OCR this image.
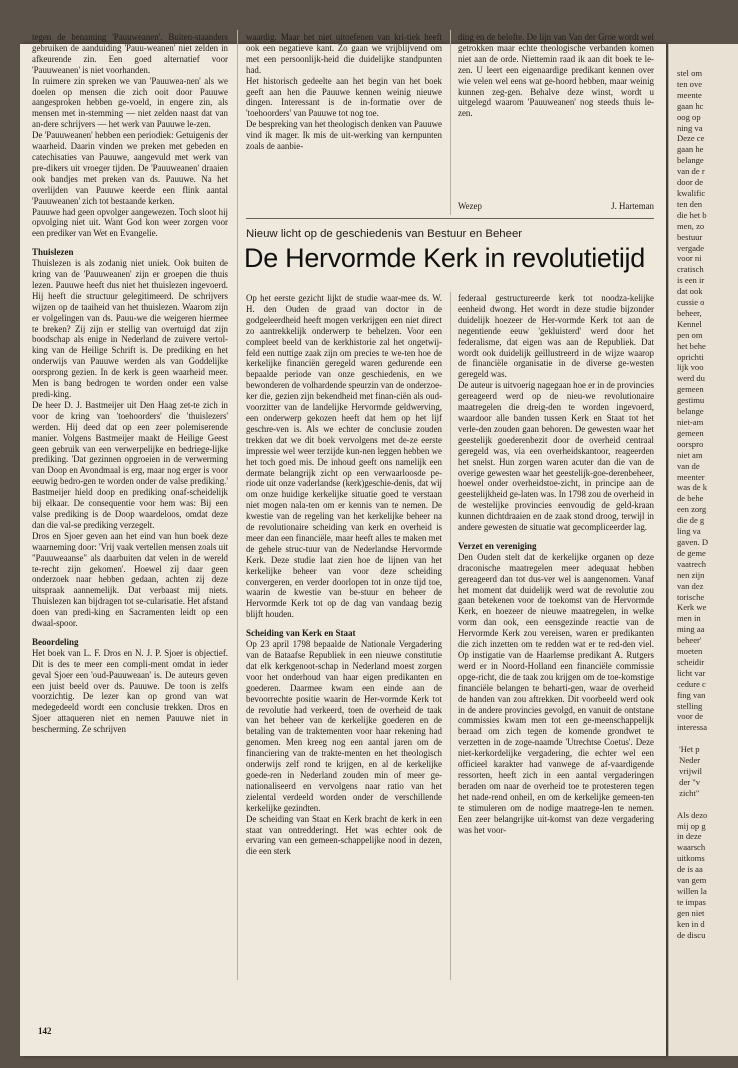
stel om
ten ove
meente
gaan hc
oog op
ning va
Deze ce
gaan he
belange
van de r
door de
kwalific
ten den
die het b
men, zo
bestuur
vergade
voor ni
cratisch
is een ir
dat ook
cussie o
beheer,
Kennel
pen om
het behe
oprichti
lijk voo
werd du
gemeen
gestimu
belange
niet-am
gemeen
oorspro
niet am
van de
meenter
was de k
de behe
een zorg
die de g
ling va
gaven. D
de geme
vaatrech
nen zijn
van dez
torische
Kerk we
men in
ming aa
beheer'
moeten
scheidir
licht var
cedure c
fing van
stelling
voor de
interessa

'Het p
Neder
vrijwil
der "v
zicht"

Als dezo
mij op g
in deze
waarsch
uitkoms
de is aa
van gem
willen la
te impas
gen niet
ken in d
de discu

tegen de benaming 'Pauuweanen'. Buiten-staanders gebruiken de aanduiding 'Pauu-weanen' niet zelden in afkeurende zin. Een goed alternatief voor 'Pauuweanen' is niet voorhanden.

In ruimere zin spreken we van 'Pauuwea-nen' als we doelen op mensen die zich ooit door Pauuwe aangesproken hebben ge-voeld, in engere zin, als mensen met in-stemming — niet zelden naast dat van an-dere schrijvers — het werk van Pauuwe le-zen.

De 'Pauuweanen' hebben een periodiek: Getuigenis der waarheid. Daarin vinden we preken met gebeden en catechisaties van Pauuwe, aangevuld met werk van pre-dikers uit vroeger tijden. De 'Pauuweanen' draaien ook bandjes met preken van ds. Pauuwe. Na het overlijden van Pauuwe keerde een flink aantal 'Pauuweanen' zich tot bestaande kerken.

Pauuwe had geen opvolger aangewezen. Toch sloot hij opvolging niet uit. Want God kon weer zorgen voor een prediker van Wet en Evangelie.

Thuislezen

Thuislezen is als zodanig niet uniek. Ook buiten de kring van de 'Pauuweanen' zijn er groepen die thuis lezen. Pauuwe heeft dus niet het thuislezen ingevoerd. Hij heeft die structuur gelegitimeerd. De schrijvers wijzen op de taaiheid van het thuislezen. Waarom zijn er volgelingen van ds. Pauu-we die weigeren hiermee te breken? Zij zijn er stellig van overtuigd dat zijn boodschap als enige in Nederland de zuivere vertol-king van de Heilige Schrift is. De prediking en het onderwijs van Pauuwe werden als van Goddelijke oorsprong gezien. In de kerk is geen waarheid meer. Men is bang bedrogen te worden onder een valse predi-king.

De heer D. J. Bastmeijer uit Den Haag zet-te zich in voor de kring van 'toehoorders' die 'thuislezers' werden. Hij deed dat op een zeer polemiserende manier. Volgens Bastmeijer maakt de Heilige Geest geen gebruik van een verwerpelijke en bedriege-lijke prediking. 'Dat gezinnen opgroeien in de verwerming van Doop en Avondmaal is erg, maar nog erger is voor eeuwig bedro-gen te worden onder de valse prediking.' Bastmeijer hield doop en prediking onaf-scheidelijk bij elkaar. De consequentie voor hem was: Bij een valse prediking is de Doop waardeloos, omdat deze dan die val-se prediking verzegelt.

Dros en Sjoer geven aan het eind van hun boek deze waarneming door: 'Vrij vaak vertellen mensen zoals uit "Pauuweaanse" als daarbuiten dat velen in de wereld te-recht zijn gekomen'. Hoewel zij daar geen onderzoek naar hebben gedaan, achten zij deze uitspraak aannemelijk. Dat verbaast mij niets. Thuislezen kan bijdragen tot se-cularisatie. Het afstand doen van predi-king en Sacramenten leidt op een dwaal-spoor.

Beoordeling

Het boek van L. F. Dros en N. J. P. Sjoer is objectief. Dit is des te meer een compli-ment omdat in ieder geval Sjoer een 'oud-Pauuweaan' is. De auteurs geven een juist beeld over ds. Pauuwe. De toon is zelfs voorzichtig. De lezer kan op grond van wat medegedeeld wordt een conclusie trekken. Dros en Sjoer attaqueren niet en nemen Pauuwe niet in bescherming. Ze schrijven

waardig. Maar het niet uitoefenen van kri-tiek heeft ook een negatieve kant. Zo gaan we vrijblijvend om met een persoonlijk-heid die duidelijke standpunten had.

Het historisch gedeelte aan het begin van het boek geeft aan hen die Pauuwe kennen weinig nieuwe dingen. Interessant is de in-formatie over de 'toehoorders' van Pauuwe tot nog toe.

De bespreking van het theologisch denken van Pauuwe vind ik mager. Ik mis de uit-werking van kernpunten zoals de aanbie-

ding en de belofte. De lijn van Van der Groe wordt wel getrokken maar echte theologische verbanden komen niet aan de orde. Niettemin raad ik aan dit boek te le-zen. U leert een eigenaardige predikant kennen over wie velen wel eens wat ge-hoord hebben, maar weinig kunnen zeg-gen. Behalve deze winst, wordt u uitgelegd waarom 'Pauuweanen' nog steeds thuis le-zen.

Wezep	J. Harteman
Nieuw licht op de geschiedenis van Bestuur en Beheer
De Hervormde Kerk in revolutietijd

Op het eerste gezicht lijkt de studie waar-mee ds. W. H. den Ouden de graad van doctor in de godgeleerdheid heeft mogen verkrijgen een niet direct zo aantrekkelijk onderwerp te behelzen. Voor een compleet beeld van de kerkhistorie zal het ongetwij-feld een nuttige zaak zijn om precies te we-ten hoe de kerkelijke financiën geregeld waren gedurende een bepaalde periode van onze geschiedenis, en we bewonderen de volhardende speurzin van de onderzoe-ker die, gezien zijn bekendheid met finan-ciën als oud-voorzitter van de landelijke Hervormde geldwerving, een onderwerp gekozen heeft dat hem op het lijf geschre-ven is. Als we echter de conclusie zouden trekken dat we dit boek vervolgens met de-ze eerste impressie wel weer terzijde kun-nen leggen hebben we het toch goed mis. De inhoud geeft ons namelijk een dermate belangrijk zicht op een verwaarloosde pe-riode uit onze vaderlandse (kerk)geschie-denis, dat wij om onze huidige kerkelijke situatie goed te verstaan niet mogen nala-ten om er kennis van te nemen. De kwestie van de regeling van het kerkelijke beheer na de revolutionaire scheiding van kerk en overheid is meer dan een financiële, maar heeft alles te maken met de gehele struc-tuur van de Nederlandse Hervormde Kerk. Deze studie laat zien hoe de lijnen van het kerkelijke beheer van voor deze scheiding convergeren, en verder doorlopen tot in onze tijd toe, waarin de kwestie van be-stuur en beheer de Hervormde Kerk tot op de dag van vandaag bezig blijft houden.

Scheiding van Kerk en Staat

Op 23 april 1798 bepaalde de Nationale Vergadering van de Bataafse Republiek in een nieuwe constitutie dat elk kerkgenoot-schap in Nederland moest zorgen voor het onderhoud van haar eigen predikanten en goederen. Daarmee kwam een einde aan de bevoorrechte positie waarin de Her-vormde Kerk tot de revolutie had verkeerd, toen de overheid de taak van het beheer van de kerkelijke goederen en de betaling van de traktementen voor haar rekening had genomen. Men kreeg nog een aantal jaren om de financiering van de trakte-menten en het theologisch onderwijs zelf rond te krijgen, en al de kerkelijke goede-ren in Nederland zouden min of meer ge-nationaliseerd en vervolgens naar ratio van het zielental verdeeld worden onder de verschillende kerkelijke gezindten.

De scheiding van Staat en Kerk bracht de kerk in een staat van ontredderingt. Het was echter ook de ervaring van een gemeen-schappelijke nood in dezen, die een sterk

federaal gestructureerde kerk tot noodza-kelijke eenheid dwong. Het wordt in deze studie bijzonder duidelijk hoezeer de Her-vormde Kerk tot aan de negentiende eeuw 'gekluisterd' werd door het federalisme, dat eigen was aan de Republiek. Dat wordt ook duidelijk geïllustreerd in de wijze waarop de financiële organisatie in de diverse ge-westen geregeld was.

De auteur is uitvoerig nagegaan hoe er in de provincies gereageerd werd op de nieu-we revolutionaire maatregelen die dreig-den te worden ingevoerd, waardoor alle banden tussen Kerk en Staat tot het verle-den zouden gaan behoren. De gewesten waar het geestelijk goederenbezit door de overheid centraal geregeld was, via een overheidskantoor, reageerden het snelst. Hun zorgen waren acuter dan die van de overige gewesten waar het geestelijk-goe-derenbeheer, hoewel onder overheidstoe-zicht, in principe aan de geestelijkheid ge-laten was. In 1798 zou de overheid in de westelijke provincies eenvoudig de geld-kraan kunnen dichtdraaien en de zaak stond droog, terwijl in andere gewesten de situatie wat gecompliceerder lag.

Verzet en vereniging

Den Ouden stelt dat de kerkelijke organen op deze draconische maatregelen meer adequaat hebben gereageerd dan tot dus-ver wel is aangenomen. Vanaf het moment dat duidelijk werd wat de revolutie zou gaan betekenen voor de toekomst van de Hervormde Kerk, en hoezeer de nieuwe maatregelen, in welke vorm dan ook, een eensgezinde reactie van de Hervormde Kerk zou vereisen, waren er predikanten die zich inzetten om te redden wat er te red-den viel. Op instigatie van de Haarlemse predikant A. Rutgers werd er in Noord-Holland een financiële commissie opge-richt, die de taak zou krijgen om de toe-komstige financiële belangen te beharti-gen, waar de overheid de handen van zou aftrekken. Dit voorbeeld werd ook in de andere provincies gevolgd, en vanuit de ontstane commissies kwam men tot een ge-meenschappelijk beraad om zich tegen de komende grondwet te verzetten in de zoge-naamde 'Utrechtse Coetus'. Deze niet-kerkordelijke vergadering, die echter wel een officieel karakter had vanwege de af-vaardigende ressorten, heeft zich in een aantal vergaderingen beraden om naar de overheid toe te protesteren tegen het nade-rend onheil, en om de kerkelijke gemeen-ten te stimuleren om de nodige maatrege-len te nemen. Een zeer belangrijke uit-komst van deze vergadering was het voor-

142
